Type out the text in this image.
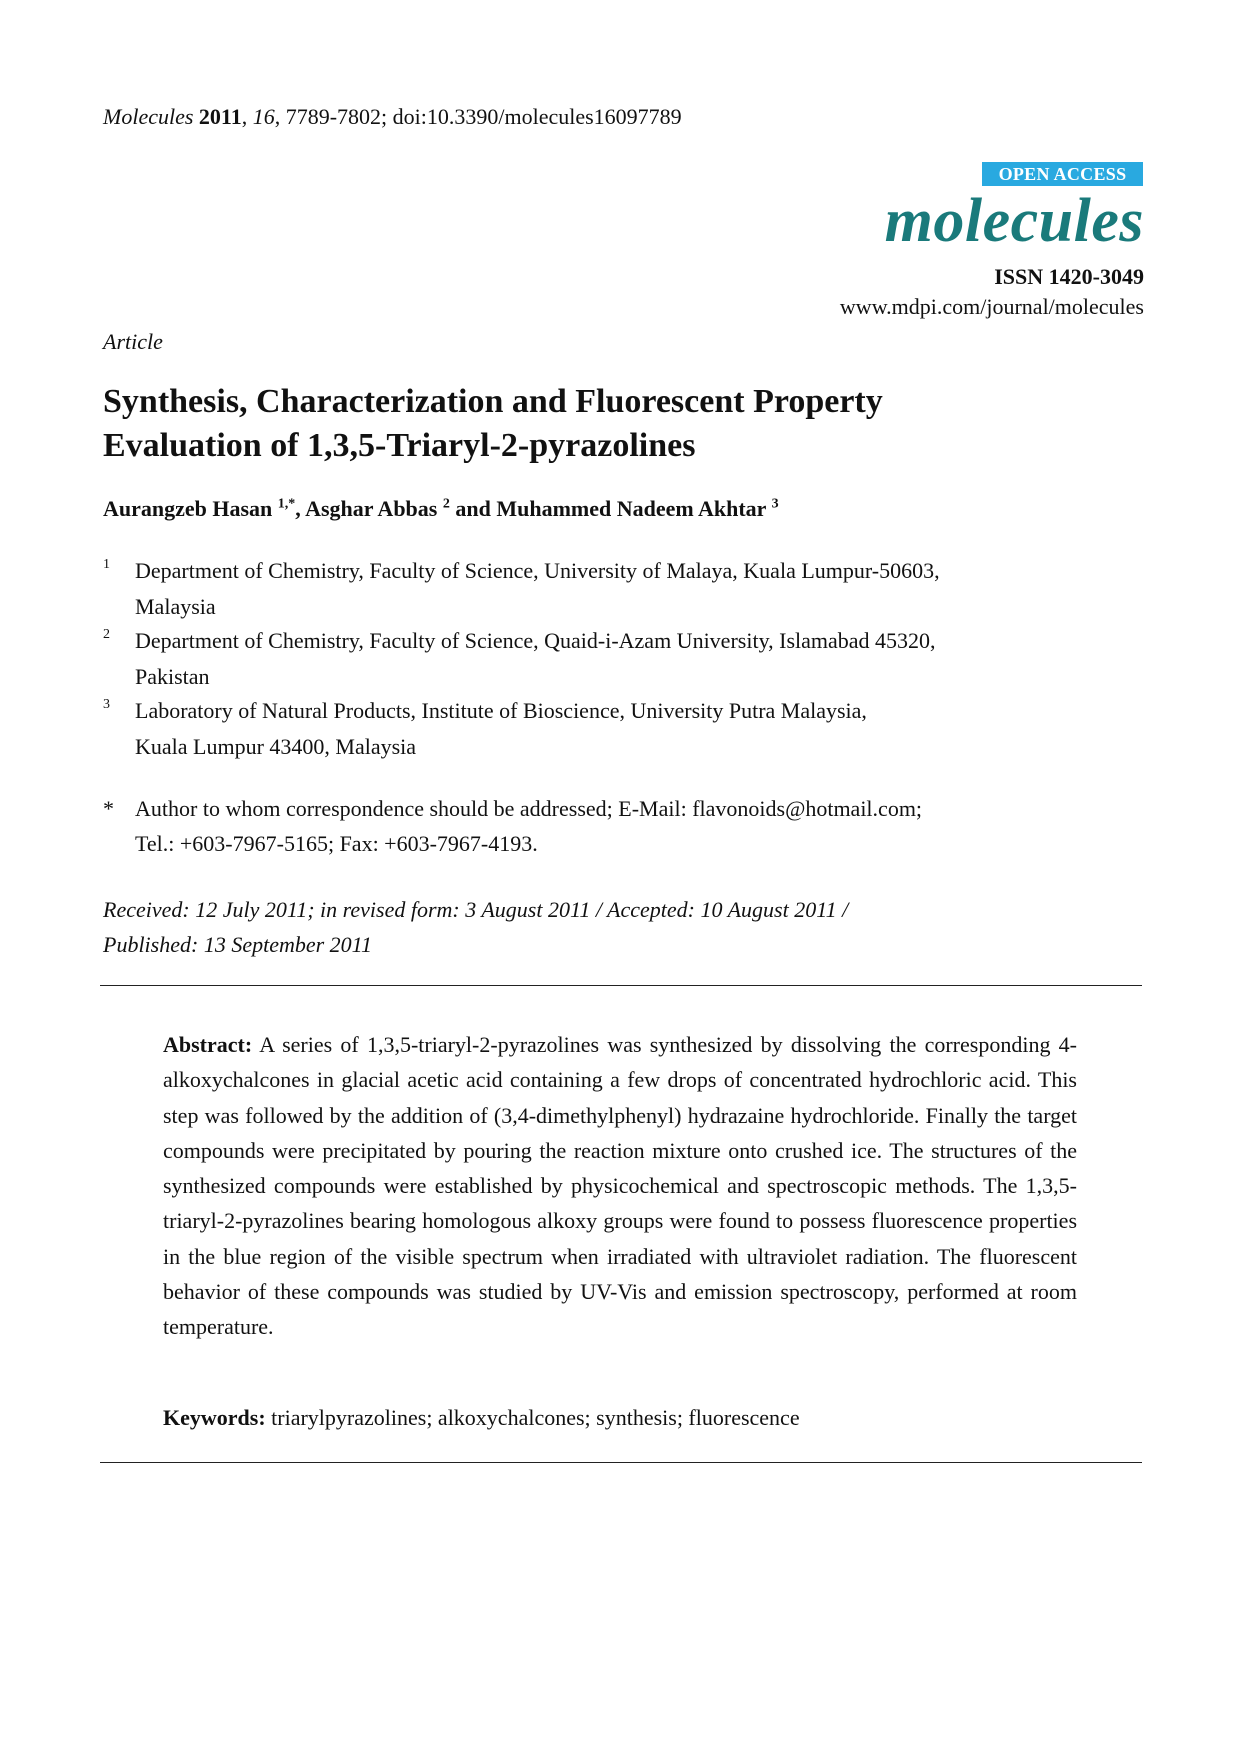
Molecules 2011, 16, 7789-7802; doi:10.3390/molecules16097789
OPEN ACCESS
molecules
ISSN 1420-3049
www.mdpi.com/journal/molecules
Article
Synthesis, Characterization and Fluorescent Property
Evaluation of 1,3,5-Triaryl-2-pyrazolines
Aurangzeb Hasan $^{1,*}$, Asghar Abbas $^2$ and Muhammed Nadeem Akhtar $^3$
1 Department of Chemistry, Faculty of Science, University of Malaya, Kuala Lumpur-50603,
Malaysia
2 Department of Chemistry, Faculty of Science, Quaid-i-Azam University, Islamabad 45320,
Pakistan
3 Laboratory of Natural Products, Institute of Bioscience, University Putra Malaysia,
Kuala Lumpur 43400, Malaysia
* Author to whom correspondence should be addressed; E-Mail: flavonoids@hotmail.com;
Tel.: +603-7967-5165; Fax: +603-7967-4193.
Received: 12 July 2011; in revised form: 3 August 2011 / Accepted: 10 August 2011 /
Published: 13 September 2011
Abstract: A series of 1,3,5-triaryl-2-pyrazolines was synthesized by dissolving the corresponding 4-alkoxychalcones in glacial acetic acid containing a few drops of concentrated hydrochloric acid. This step was followed by the addition of (3,4-dimethylphenyl) hydrazaine hydrochloride. Finally the target compounds were precipitated by pouring the reaction mixture onto crushed ice. The structures of the synthesized compounds were established by physicochemical and spectroscopic methods. The 1,3,5-triaryl-2-pyrazolines bearing homologous alkoxy groups were found to possess fluorescence properties in the blue region of the visible spectrum when irradiated with ultraviolet radiation. The fluorescent behavior of these compounds was studied by UV-Vis and emission spectroscopy, performed at room temperature.
Keywords: triarylpyrazolines; alkoxychalcones; synthesis; fluorescence
